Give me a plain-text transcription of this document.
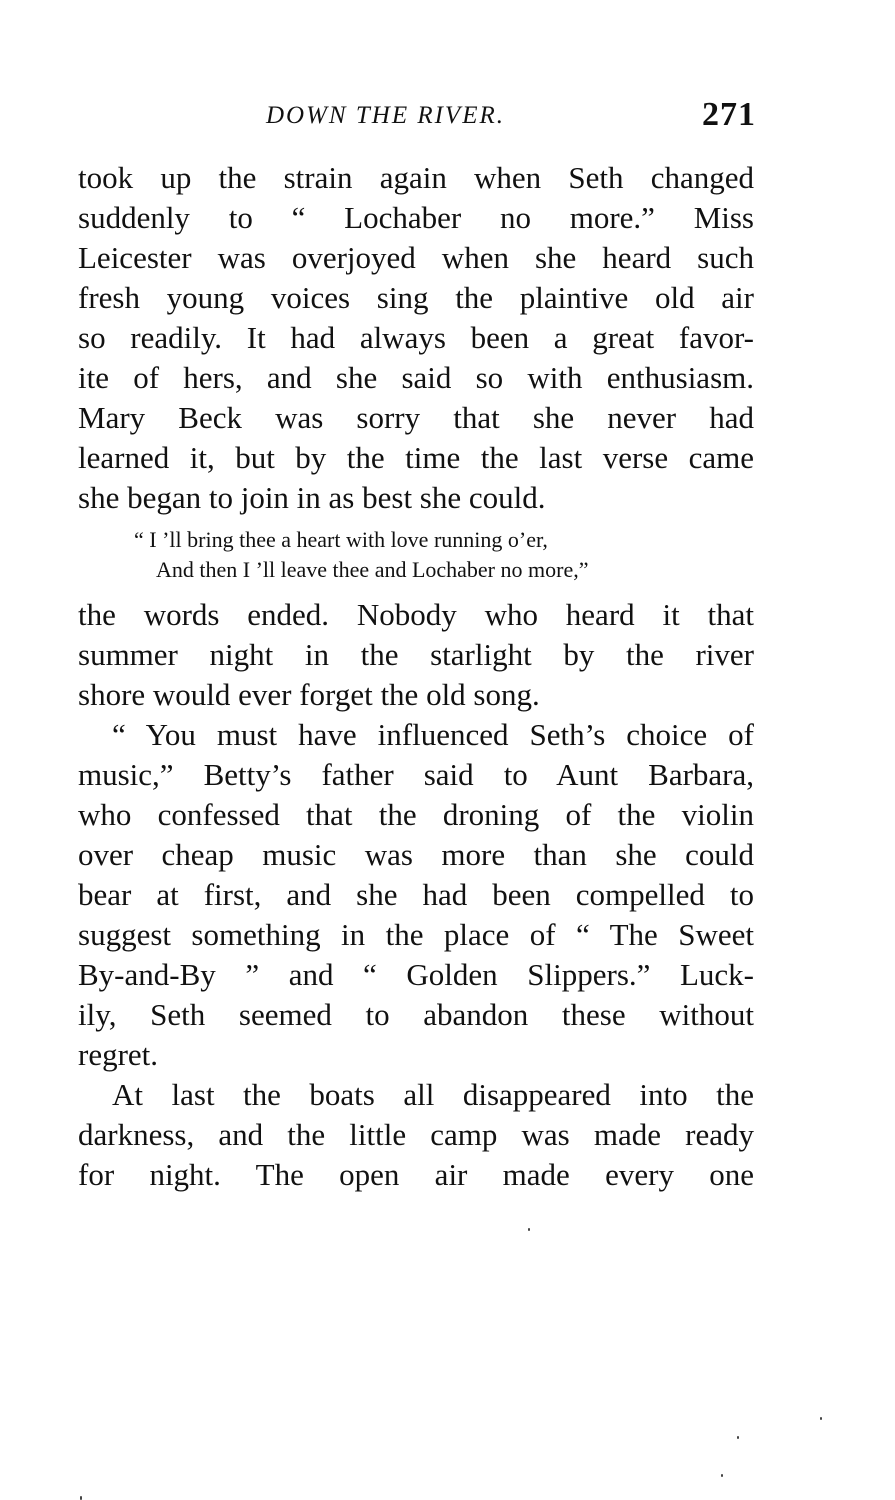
DOWN THE RIVER.	271
took up the strain again when Seth changed
suddenly to “ Lochaber no more.” Miss
Leicester was overjoyed when she heard such
fresh young voices sing the plaintive old air
so readily. It had always been a great favor-
ite of hers, and she said so with enthusiasm.
Mary Beck was sorry that she never had
learned it, but by the time the last verse came
she began to join in as best she could.
“ I ’ll bring thee a heart with love running o’er,
And then I ’ll leave thee and Lochaber no more,”
the words ended. Nobody who heard it that
summer night in the starlight by the river
shore would ever forget the old song.
“ You must have influenced Seth’s choice of
music,” Betty’s father said to Aunt Barbara,
who confessed that the droning of the violin
over cheap music was more than she could
bear at first, and she had been compelled to
suggest something in the place of “ The Sweet
By-and-By ” and “ Golden Slippers.” Luck-
ily, Seth seemed to abandon these without
regret.
At last the boats all disappeared into the
darkness, and the little camp was made ready
for night. The open air made every one
